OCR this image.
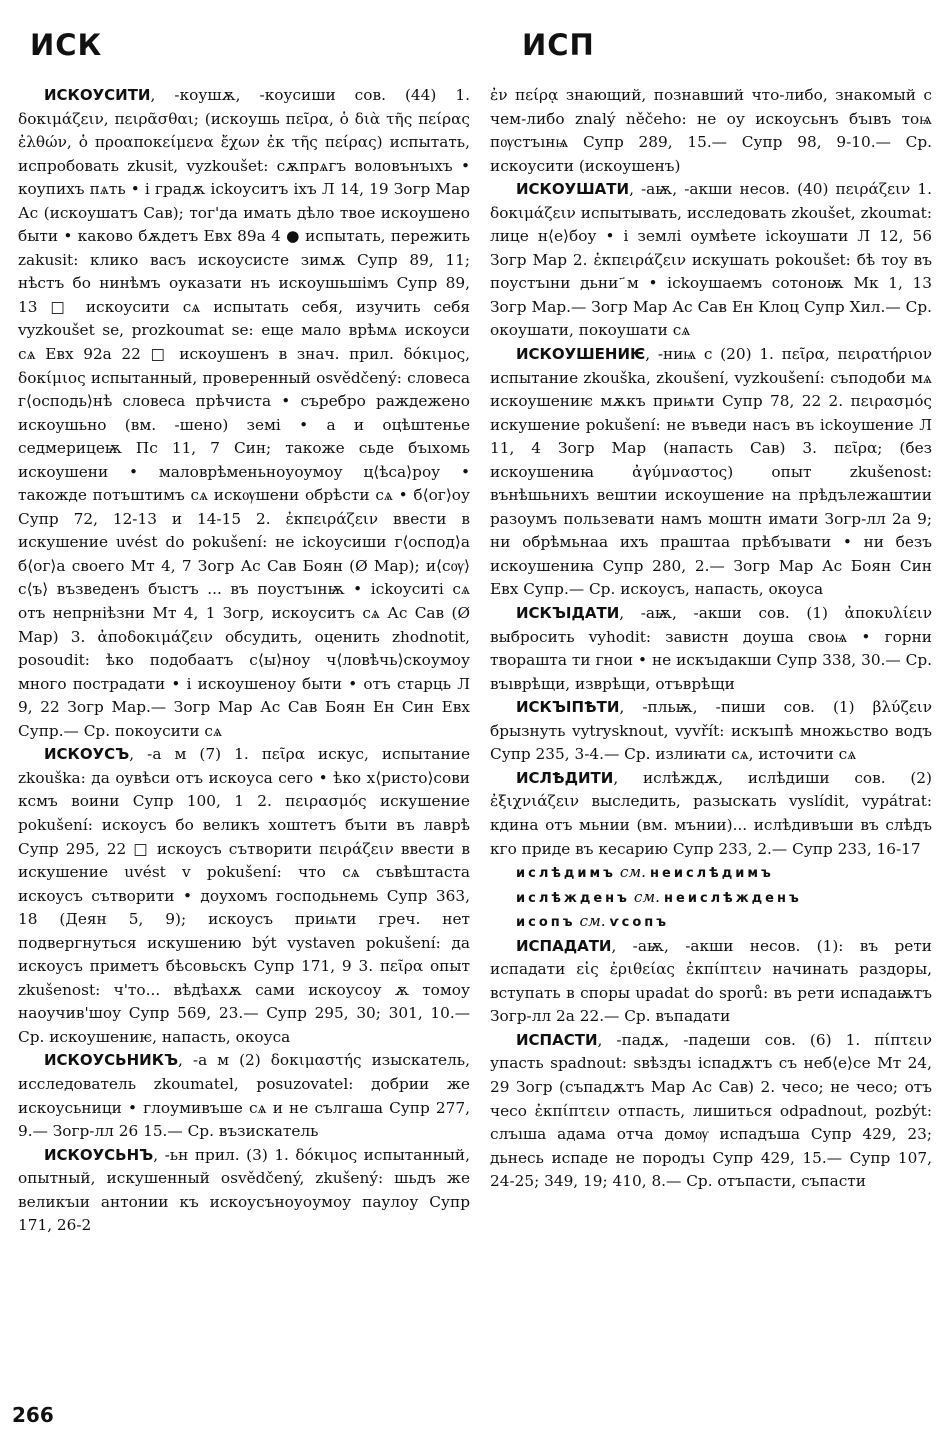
ИСК	ИСП

ИСКОУСИТИ, -коушѫ, -коусиши сов. (44) 1. δοκιμάζειν, πειρᾶσθαι; (искоушь πεῖρα, ὁ διὰ τῆς πείρας ἐλθών, ὁ προαποκείμενα ἔχων ἐκ τῆς πείρας) испытать, испробовать zkusit, vyzkoušet: сѫпрѧгъ воловънъıхъ • коупихъ пѧть • і градѫ ісkоуситъ іхъ Л 14, 19 Зогр Мар Ас (искоушатъ Сав); тог'да имать дѣло твое искоушено быти • каково бѫдетъ Евх 89а 4 ● испытать, пережить zakusit: клико васъ искоусисте зимѫ Супр 89, 11; нѣстъ бо нинѣмъ оуказати нъ искоушьшiмъ Супр 89, 13 □ искоусити сѧ испытать себя, изучить себя vyzkoušet se, prozkoumat se: еще мало врѣмѧ искоуси сѧ Евх 92а 22 □ искоушенъ в знач. прил. δόκιμος, δοκίμιος испытанный, проверенный osvědčený: словеса г⟨осподь⟩нѣ словеса прѣчиста • сърeбро раждежено искоушьно (вм. -шено) земі • а и оцѣштенье седмерицеѭ Пс 11, 7 Син; такоже сьде бъıхомь искоушени • маловрѣменьноуоумоу ц⟨ѣса⟩роу • такожде потъштимъ сѧ искѹшени обрѣсти сѧ • б⟨ог⟩оу Супр 72, 12-13 и 14-15 2. ἐκπειράζειν ввести в искушение uvést do pokušení: не ісkоусиши г⟨оспод⟩а б⟨ог⟩а своего Мт 4, 7 Зогр Ас Сав Боян (Ø Мар); и⟨сѹ⟩с⟨ъ⟩ възведенъ бъıстъ ... въ поустъıнѭ • ісkоуситі сѧ отъ непрніѣзни Мт 4, 1 Зогр, искоуситъ сѧ Ас Сав (Ø Мар) 3. ἀποδοκιμάζειν обсудить, оценить zhodnotit, posoudit: ѣко подобаатъ с⟨ы⟩ноу ч⟨ловѣчь⟩скоумоу много пострадати • і искоушеноу быти • отъ старць Л 9, 22 Зогр Мар.— Зогр Мар Ас Сав Боян Ен Син Евх Супр.— Ср. покоусити сѧ

ИСКОУСЪ, -а м (7) 1. πεῖρα искус, испытание zkouška: да оувѣси отъ искоуса сего • ѣко х⟨ристо⟩сови ксмъ воини Супр 100, 1 2. πειρασμός искушение pokušení: искоусъ бо великъ хоштетъ бъıти въ лаврѣ Супр 295, 22 □ искоусъ сътворити πειράζειν ввести в искушение uvést v pokušení: что сѧ съвѣштаста искоусъ сътворити • доухомъ господьнемь Супр 363, 18 (Деян 5, 9); искоусъ приѩти греч. нет подвергнуться искушению být vystaven pokušení: да искоусъ приметъ бѣсовьскъ Супр 171, 9 3. πεῖρα опыт zkušenost: ч'то... вѣдѣахѫ сами искоусоу ѫ томоу наоучив'шоу Супр 569, 23.— Супр 295, 30; 301, 10.— Ср. искоушениѥ, напасть, окоуса

ИСКОУСЬНИКЪ, -а м (2) δοκιμαστής изыскатель, исследователь zkoumatel, posuzovatel: добрии же искоусьници • глоумивъше сѧ и не сългаша Супр 277, 9.— Зогр-лл 26 15.— Ср. възискатель

ИСКОУСЬНЪ, -ьн прил. (3) 1. δόκιμος испытанный, опытный, искушенный osvědčený, zkušený: шьдъ же великъıи антонии къ искоусъноуоумоу паулоу Супр 171, 26-2

ἐν πείρᾳ знающий, познавший что-либо, знакомый с чем-либо znalý něčeho: не оу искоусьнъ бъıвъ тоѩ пѹстъıнѩ Супр 289, 15.— Супр 98, 9-10.— Ср. искоусити (искоушенъ)

ИСКОУШАТИ, -аѭ, -акши несов. (40) πειράζειν 1. δοκιμάζειν испытывать, исследовать zkoušet, zkoumat: лице н⟨е⟩боу • і землі оумѣете ісkоушати Л 12, 56 Зогр Мар 2. ἐκπειράζειν искушать pokoušet: бѣ тоу въ поустъıни дьни ҃м • ісkоушаемъ сотоноѭ Мк 1, 13 Зогр Мар.— Зогр Мар Ас Сав Ен Клоц Супр Хил.— Ср. окоушати, покоушати сѧ

ИСКОУШЕНИѤ, -ниѩ с (20) 1. πεῖρα, πειρατήριον испытание zkouška, zkoušení, vyzkoušení: съподоби мѧ искоушениѥ мѫкъ приѩти Супр 78, 22 2. πειρασμός искушение pokušení: не въведи насъ въ ісkоушение Л 11, 4 Зогр Мар (напасть Сав) 3. πεῖρα; (без искоушениꙗ ἀγύμναστος) опыт zkušenost: вънѣшьнихъ вештии искоушение на прѣдълежаштии разоумъ пользевати намъ моштн имати Зогр-лл 2а 9; ни обрѣмьнаа ихъ праштаа прѣбъıвати • ни безъ искоушениꙗ Супр 280, 2.— Зогр Мар Ас Боян Син Евх Супр.— Ср. искоусъ, напасть, окоуса

ИСКЪIДАТИ, -аѭ, -акши сов. (1) ἀποκυλίειν выбросить vyhodit: завистн доуша своѩ • горни творашта ти гнои • не искъıдакши Супр 338, 30.— Ср. въıврѣщи, изврѣщи, отъврѣщи

ИСКЪIПѢТИ, -пльѭ, -пиши сов. (1) βλύζειν брызнуть vytrysknout, vyvřít: искъıпѣ множьство водъ Супр 235, 3-4.— Ср. излиꙗти сѧ, источити сѧ

ИСЛѢДИТИ, ислѣждѫ, ислѣдиши сов. (2) ἐξιχνιάζειν выследить, разыскать vyslídit, vypátrat: кдина отъ мьнии (вм. мънии)... ислѣдивъши въ слѣдъ кго приде въ кесарию Супр 233, 2.— Супр 233, 16-17

ислѣдимъ см. неислѣдимъ

ислѣжденъ см. неислѣжденъ

исопъ см. ѵсопъ

ИСПАДАТИ, -аѭ, -акши несов. (1): въ рети испадати εἰς ἐριθείας ἐκπίπτειν начинать раздоры, вступать в споры upadat do sporů: въ рети испадаѭтъ Зогр-лл 2а 22.— Ср. въпадати

ИСПАСТИ, -падѫ, -падеши сов. (6) 1. πίπτειν упасть spadnout: ѕвѣздъı іспадѫтъ съ неб⟨е⟩се Мт 24, 29 Зогр (съпадѫтъ Мар Ас Сав) 2. чесо; не чесо; отъ чесо ἐκπίπτειν отпасть, лишиться odpadnout, pozbýt: слъıша адама отча домѹ испадъша Супр 429, 23; дьнесь испаде не породъı Супр 429, 15.— Супр 107, 24-25; 349, 19; 410, 8.— Ср. отъпасти, съпасти

266
